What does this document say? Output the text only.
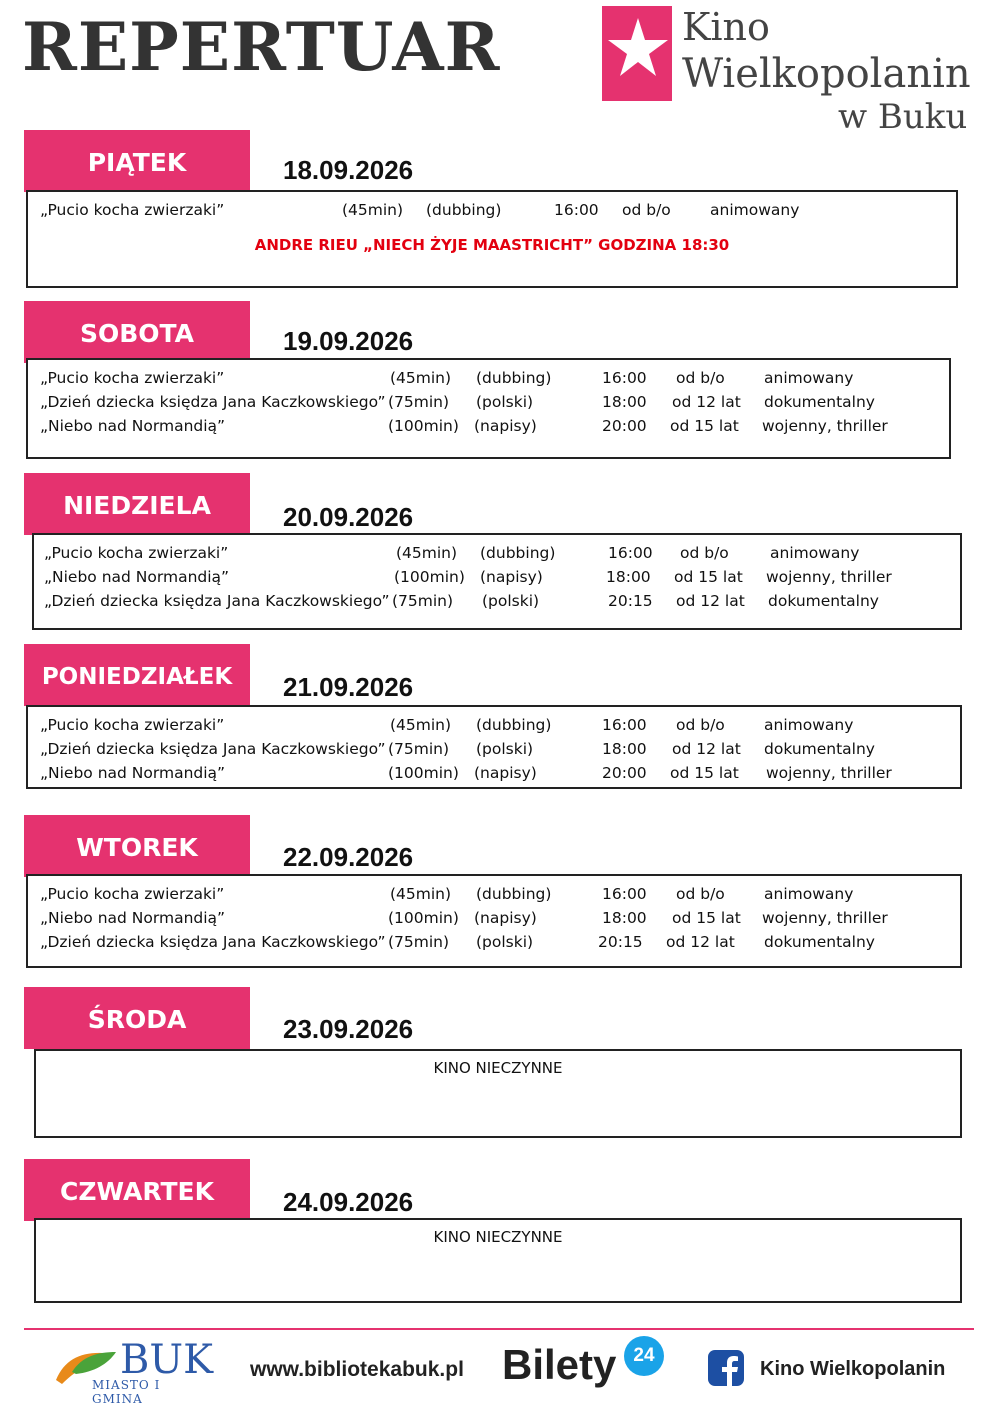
REPERTUAR	Kino
Wielkopolanin
w Buku
PIĄTEK	18.09.2026
„Pucio kocha zwierzaki”	(45min) (dubbing)	16:00 od b/o	animowany
ANDRE RIEU „NIECH ŻYJE MAASTRICHT” GODZINA 18:30
SOBOTA	19.09.2026
„Pucio kocha zwierzaki”	(45min) (dubbing)	16:00 od b/o	animowany
„Dzień dziecka księdza Jana Kaczkowskiego” (75min) (polski)	18:00 od 12 lat dokumentalny
„Niebo nad Normandią”	(100min) (napisy)	20:00 od 15 lat wojenny, thriller
NIEDZIELA	20.09.2026
„Pucio kocha zwierzaki”	(45min) (dubbing)	16:00 od b/o	animowany
„Niebo nad Normandią”	(100min) (napisy)	18:00 od 15 lat wojenny, thriller
„Dzień dziecka księdza Jana Kaczkowskiego” (75min) (polski)	20:15 od 12 lat dokumentalny
PONIEDZIAŁEK	21.09.2026
„Pucio kocha zwierzaki”	(45min) (dubbing)	16:00 od b/o	animowany
„Dzień dziecka księdza Jana Kaczkowskiego” (75min) (polski)	18:00 od 12 lat dokumentalny
„Niebo nad Normandią”	(100min) (napisy)	20:00 od 15 lat wojenny, thriller
WTOREK	22.09.2026
„Pucio kocha zwierzaki”	(45min) (dubbing)	16:00 od b/o	animowany
„Niebo nad Normandią”	(100min) (napisy)	18:00 od 15 lat wojenny, thriller
„Dzień dziecka księdza Jana Kaczkowskiego” (75min) (polski)	20:15 od 12 lat dokumentalny
ŚRODA	23.09.2026
KINO NIECZYNNE
CZWARTEK	24.09.2026
KINO NIECZYNNE
BUK
MIASTO I GMINA
www.bibliotekabuk.pl Bilety 24
Kino Wielkopolanin
